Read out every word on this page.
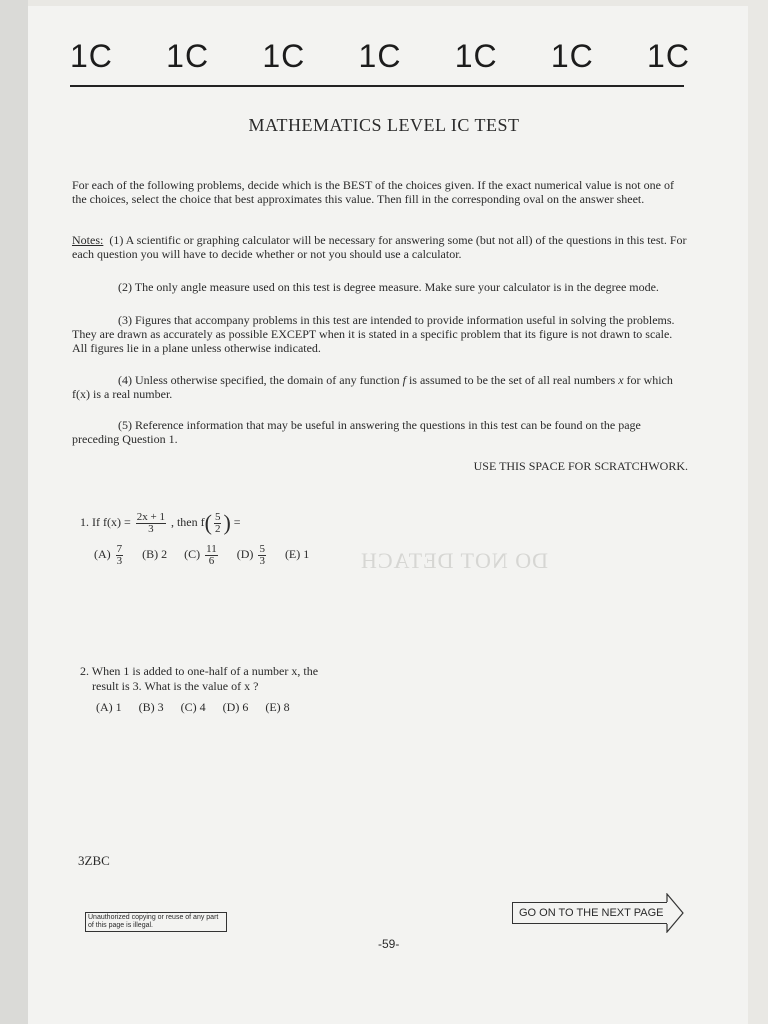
1C 1C 1C 1C 1C 1C 1C
MATHEMATICS LEVEL IC TEST
For each of the following problems, decide which is the BEST of the choices given. If the exact numerical value is not one of the choices, select the choice that best approximates this value. Then fill in the corresponding oval on the answer sheet.
Notes: (1) A scientific or graphing calculator will be necessary for answering some (but not all) of the questions in this test. For each question you will have to decide whether or not you should use a calculator.
(2) The only angle measure used on this test is degree measure. Make sure your calculator is in the degree mode.
(3) Figures that accompany problems in this test are intended to provide information useful in solving the problems. They are drawn as accurately as possible EXCEPT when it is stated in a specific problem that its figure is not drawn to scale. All figures lie in a plane unless otherwise indicated.
(4) Unless otherwise specified, the domain of any function f is assumed to be the set of all real numbers x for which f(x) is a real number.
(5) Reference information that may be useful in answering the questions in this test can be found on the page preceding Question 1.
USE THIS SPACE FOR SCRATCHWORK.
DO NOT DETACH
1. If $f(x) = \frac{2x + 1}{3}$ , then $f( \frac{5}{2}$ ) =
$(A) \frac{7}{3} (B)$ 2 $(C) \frac{11}{6} (D) \frac{5}{3} (E)$ 1
2. When 1 is added to one-half of a number x, the
result is 3. What is the value of x ?
(A) 1 (B) 3 (C) 4 (D) 6 (E) 8
3ZBC
Unauthorized copying or reuse of any part of this page is illegal.
GO ON TO THE NEXT PAGE
-59-
